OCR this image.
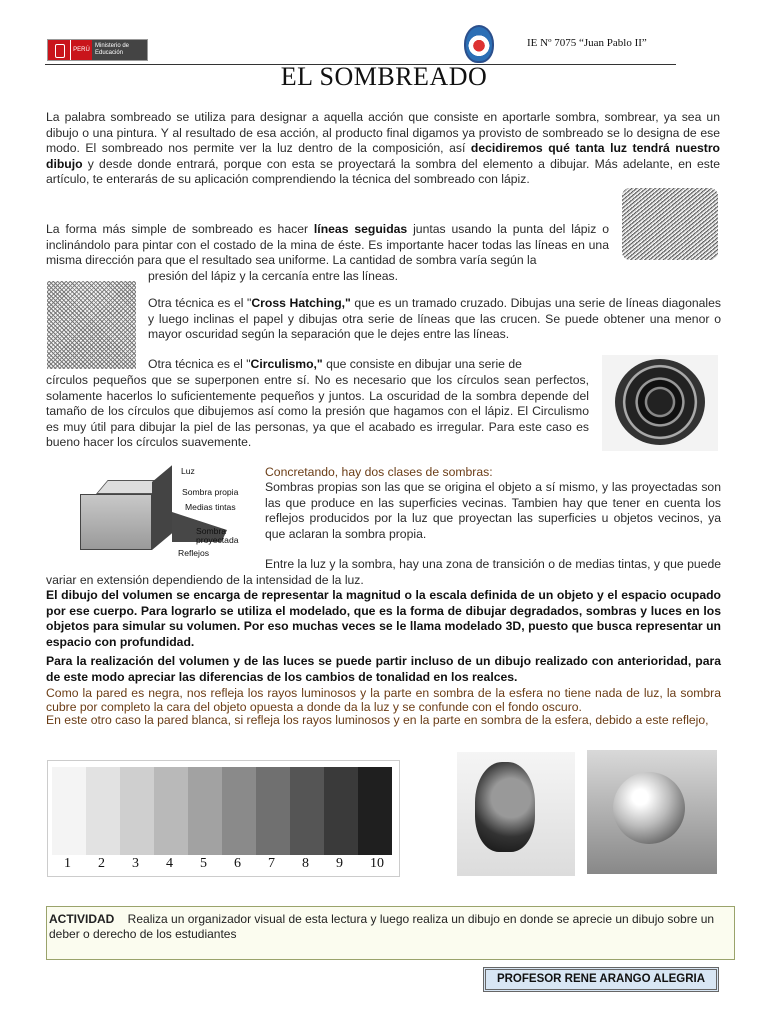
PERÚ
Ministerio de Educación
IE Nº 7075 “Juan Pablo II”
EL SOMBREADO
La palabra sombreado se utiliza para designar a aquella acción que consiste en aportarle sombra, sombrear, ya sea un dibujo o una pintura. Y al resultado de esa acción, al producto final digamos ya provisto de sombreado se lo designa de ese modo. El sombreado nos permite ver la luz dentro de la composición, así decidiremos qué tanta luz tendrá nuestro dibujo y desde donde entrará, porque con esta se proyectará la sombra del elemento a dibujar. Más adelante, en este artículo, te enterarás de su aplicación comprendiendo la técnica del sombreado con lápiz.
La forma más simple de sombreado es hacer líneas seguidas juntas usando la punta del lápiz o inclinándolo para pintar con el costado de la mina de éste. Es importante hacer todas las líneas en una misma dirección para que el resultado sea uniforme. La cantidad de sombra varía según la
presión del lápiz y la cercanía entre las líneas.
Otra técnica es el "Cross Hatching," que es un tramado cruzado. Dibujas una serie de líneas diagonales y luego inclinas el papel y dibujas otra serie de líneas que las crucen. Se puede obtener una menor o mayor oscuridad según la separación que le dejes entre las líneas.
Otra técnica es el "Circulismo," que consiste en dibujar una serie de
círculos pequeños que se superponen entre sí. No es necesario que los círculos sean perfectos, solamente hacerlos lo suficientemente pequeños y juntos. La oscuridad de la sombra depende del tamaño de los círculos que dibujemos así como la presión que hagamos con el lápiz. El Circulismo es muy útil para dibujar la piel de las personas, ya que el acabado es irregular. Para este caso es bueno hacer los círculos suavemente.
Luz
Sombra propia
Medias tintas
Sombra proyectada
Reflejos
Concretando, hay dos clases de sombras:
Sombras propias son las que se origina el objeto a sí mismo, y las proyectadas son las que produce en las superficies vecinas. Tambien hay que tener en cuenta los reflejos producidos por la luz que proyectan las superficies u objetos vecinos, ya que aclaran la sombra propia.
Entre la luz y la sombra, hay una zona de transición o de medias tintas, y que puede variar en extensión dependiendo de la intensidad de la luz.
El dibujo del volumen se encarga de representar la magnitud o la escala definida de un objeto y el espacio ocupado por ese cuerpo. Para lograrlo se utiliza el modelado, que es la forma de dibujar degradados, sombras y luces en los objetos para simular su volumen. Por eso muchas veces se le llama modelado 3D, puesto que busca representar un espacio con profundidad.
Para la realización del volumen y de las luces se puede partir incluso de un dibujo realizado con anterioridad, para de este modo apreciar las diferencias de los cambios de tonalidad en los realces.
Como la pared es negra, nos refleja los rayos luminosos y la parte en sombra de la esfera no tiene nada de luz, la sombra cubre por completo la cara del objeto opuesta a donde da la luz y se confunde con el fondo oscuro.
En este otro caso la pared blanca, si refleja los rayos luminosos y en la parte en sombra de la esfera, debido a este reflejo,
1 2 3 4 5 6 7 8 9 10
ACTIVIDAD    Realiza un organizador visual de esta lectura y luego realiza un dibujo en donde se aprecie un dibujo sobre un deber o derecho de los estudiantes
PROFESOR RENE ARANGO ALEGRIA
